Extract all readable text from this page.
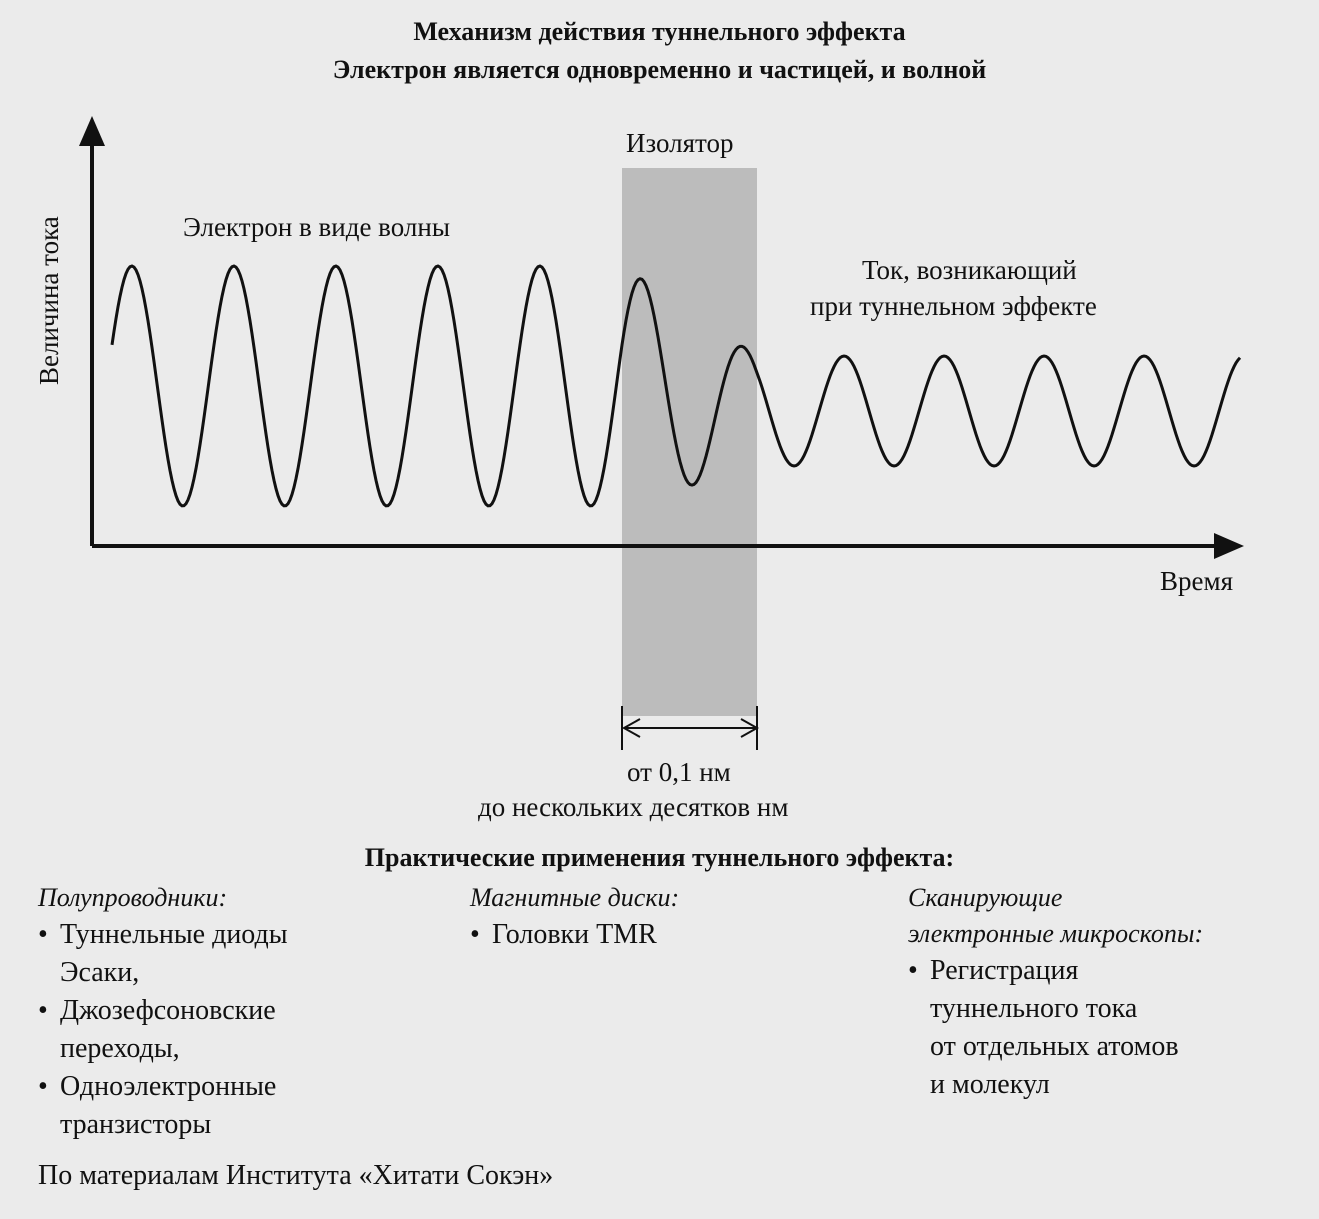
Механизм действия туннельного эффекта
Электрон является одновременно и частицей, и волной
Величина тока
Время
Изолятор
Электрон в виде волны
Ток, возникающий
при туннельном эффекте
от 0,1 нм
до нескольких десятков нм
Практические применения туннельного эффекта:
Полупроводники:
• Туннельные диоды
Эсаки,
• Джозефсоновские
переходы,
• Одноэлектронные
транзисторы
Магнитные диски:
• Головки TMR
Сканирующие
электронные микроскопы:
• Регистрация
туннельного тока
от отдельных атомов
и молекул
По материалам Института «Хитати Сокэн»
